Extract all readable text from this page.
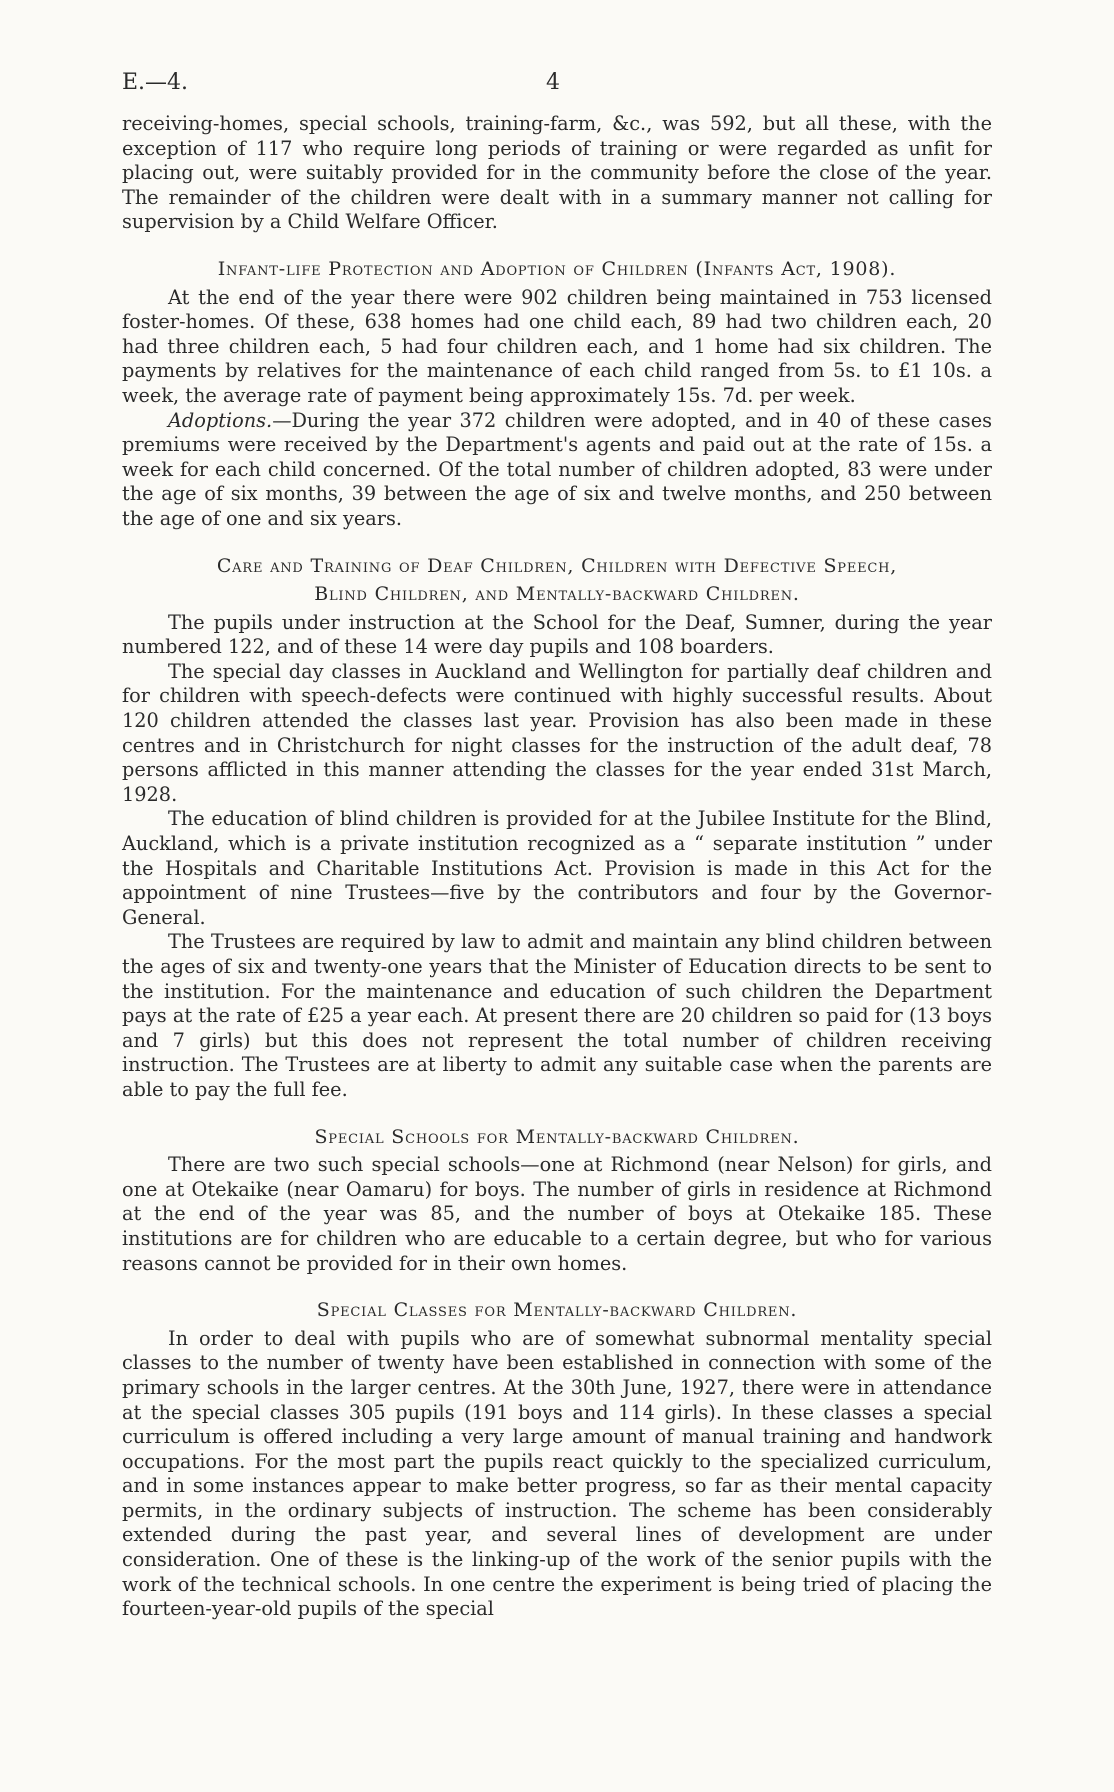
E.—4.	4

receiving-homes, special schools, training-farm, &c., was 592, but all these, with the exception of 117 who require long periods of training or were regarded as unfit for placing out, were suitably provided for in the community before the close of the year. The remainder of the children were dealt with in a summary manner not calling for supervision by a Child Welfare Officer.

Infant-life Protection and Adoption of Children (Infants Act, 1908).

At the end of the year there were 902 children being maintained in 753 licensed foster-homes. Of these, 638 homes had one child each, 89 had two children each, 20 had three children each, 5 had four children each, and 1 home had six children. The payments by relatives for the maintenance of each child ranged from 5s. to £1 10s. a week, the average rate of payment being approximately 15s. 7d. per week.

Adoptions.—During the year 372 children were adopted, and in 40 of these cases premiums were received by the Department's agents and paid out at the rate of 15s. a week for each child concerned. Of the total number of children adopted, 83 were under the age of six months, 39 between the age of six and twelve months, and 250 between the age of one and six years.

Care and Training of Deaf Children, Children with Defective Speech,
Blind Children, and Mentally-backward Children.

The pupils under instruction at the School for the Deaf, Sumner, during the year numbered 122, and of these 14 were day pupils and 108 boarders.

The special day classes in Auckland and Wellington for partially deaf children and for children with speech-defects were continued with highly successful results. About 120 children attended the classes last year. Provision has also been made in these centres and in Christchurch for night classes for the instruction of the adult deaf, 78 persons afflicted in this manner attending the classes for the year ended 31st March, 1928.

The education of blind children is provided for at the Jubilee Institute for the Blind, Auckland, which is a private institution recognized as a “ separate institution ” under the Hospitals and Charitable Institutions Act. Provision is made in this Act for the appointment of nine Trustees—five by the contributors and four by the Governor-General.

The Trustees are required by law to admit and maintain any blind children between the ages of six and twenty-one years that the Minister of Education directs to be sent to the institution. For the maintenance and education of such children the Department pays at the rate of £25 a year each. At present there are 20 children so paid for (13 boys and 7 girls) but this does not represent the total number of children receiving instruction. The Trustees are at liberty to admit any suitable case when the parents are able to pay the full fee.

Special Schools for Mentally-backward Children.

There are two such special schools—one at Richmond (near Nelson) for girls, and one at Otekaike (near Oamaru) for boys. The number of girls in residence at Richmond at the end of the year was 85, and the number of boys at Otekaike 185. These institutions are for children who are educable to a certain degree, but who for various reasons cannot be provided for in their own homes.

Special Classes for Mentally-backward Children.

In order to deal with pupils who are of somewhat subnormal mentality special classes to the number of twenty have been established in connection with some of the primary schools in the larger centres. At the 30th June, 1927, there were in attendance at the special classes 305 pupils (191 boys and 114 girls). In these classes a special curriculum is offered including a very large amount of manual training and handwork occupations. For the most part the pupils react quickly to the specialized curriculum, and in some instances appear to make better progress, so far as their mental capacity permits, in the ordinary subjects of instruction. The scheme has been considerably extended during the past year, and several lines of development are under consideration. One of these is the linking-up of the work of the senior pupils with the work of the technical schools. In one centre the experiment is being tried of placing the fourteen-year-old pupils of the special
